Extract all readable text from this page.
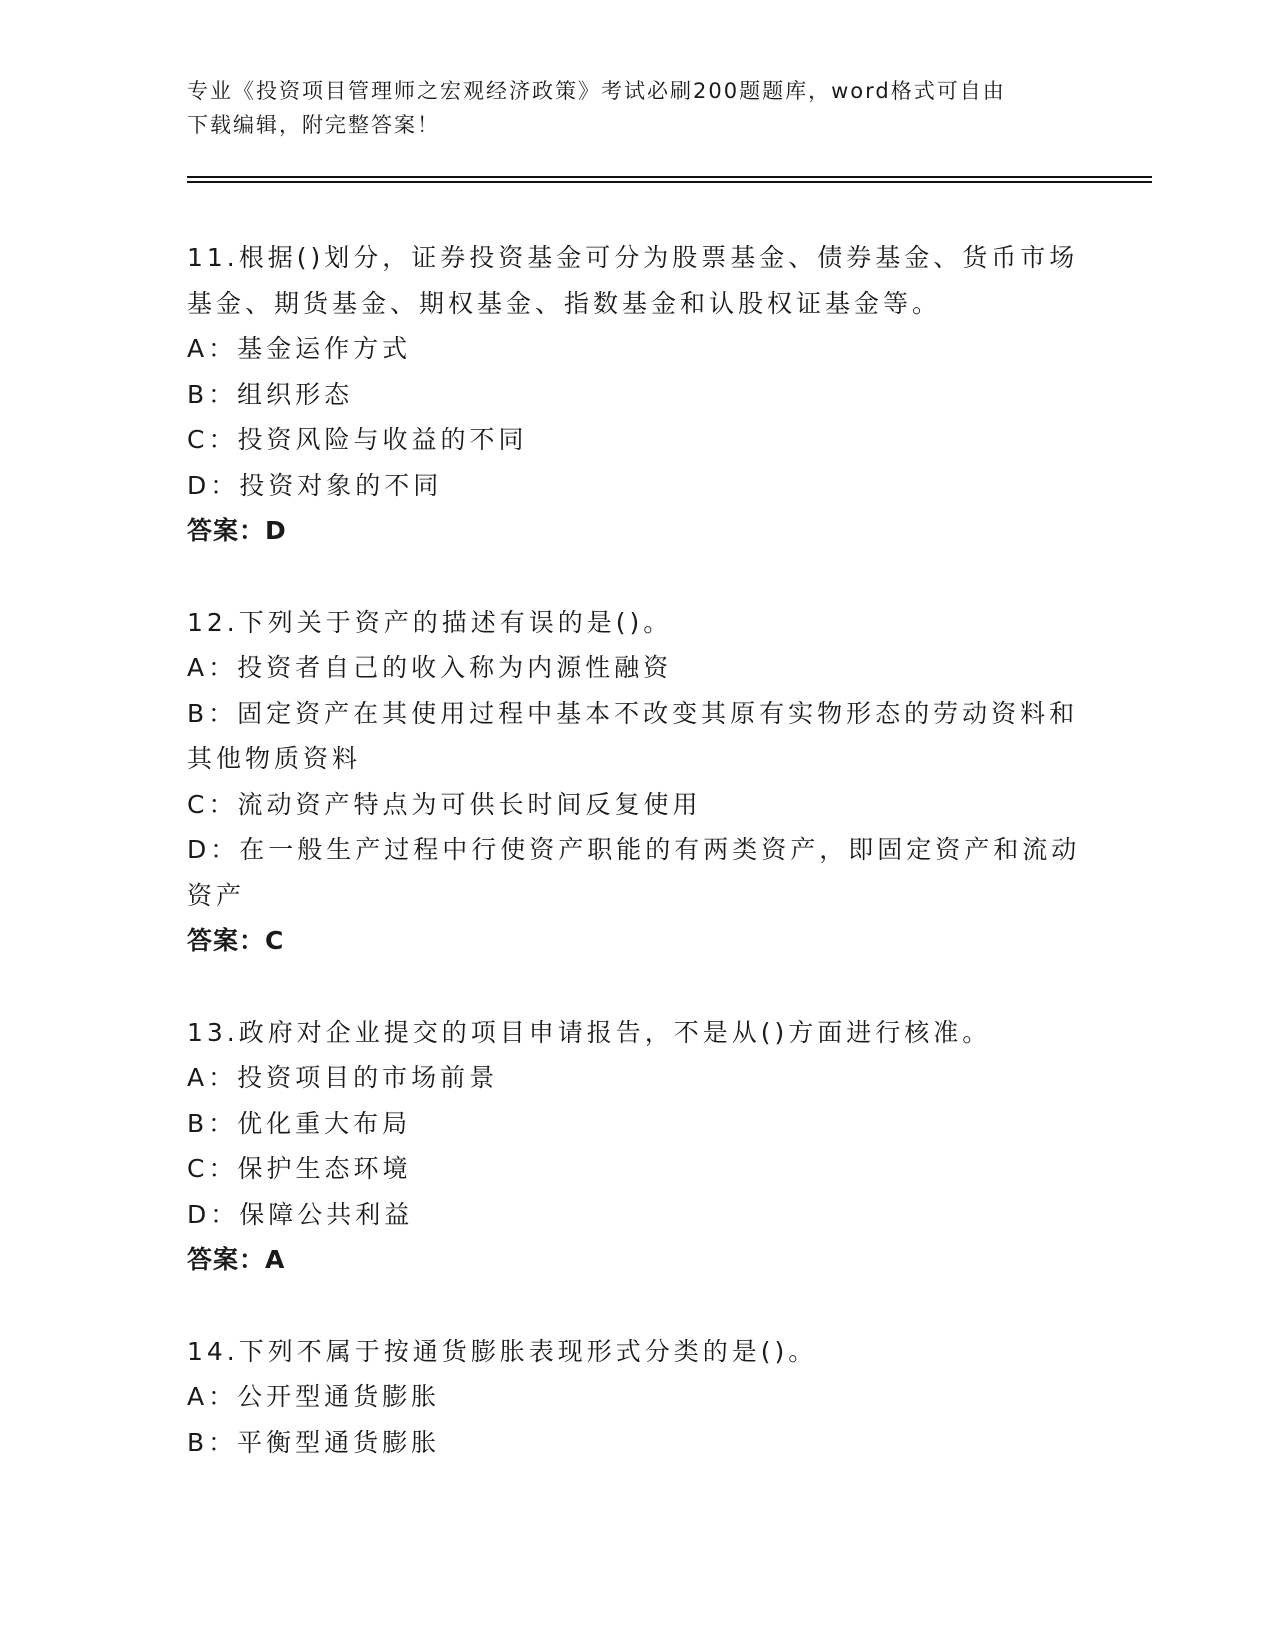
专业《投资项目管理师之宏观经济政策》考试必刷200题题库，word格式可自由
下载编辑，附完整答案！
11.根据()划分，证券投资基金可分为股票基金、债券基金、货币市场
基金、期货基金、期权基金、指数基金和认股权证基金等。
A：基金运作方式
B：组织形态
C：投资风险与收益的不同
D：投资对象的不同
答案：D
12.下列关于资产的描述有误的是()。
A：投资者自己的收入称为内源性融资
B：固定资产在其使用过程中基本不改变其原有实物形态的劳动资料和
其他物质资料
C：流动资产特点为可供长时间反复使用
D：在一般生产过程中行使资产职能的有两类资产，即固定资产和流动
资产
答案：C
13.政府对企业提交的项目申请报告，不是从()方面进行核准。
A：投资项目的市场前景
B：优化重大布局
C：保护生态环境
D：保障公共利益
答案：A
14.下列不属于按通货膨胀表现形式分类的是()。
A：公开型通货膨胀
B：平衡型通货膨胀
